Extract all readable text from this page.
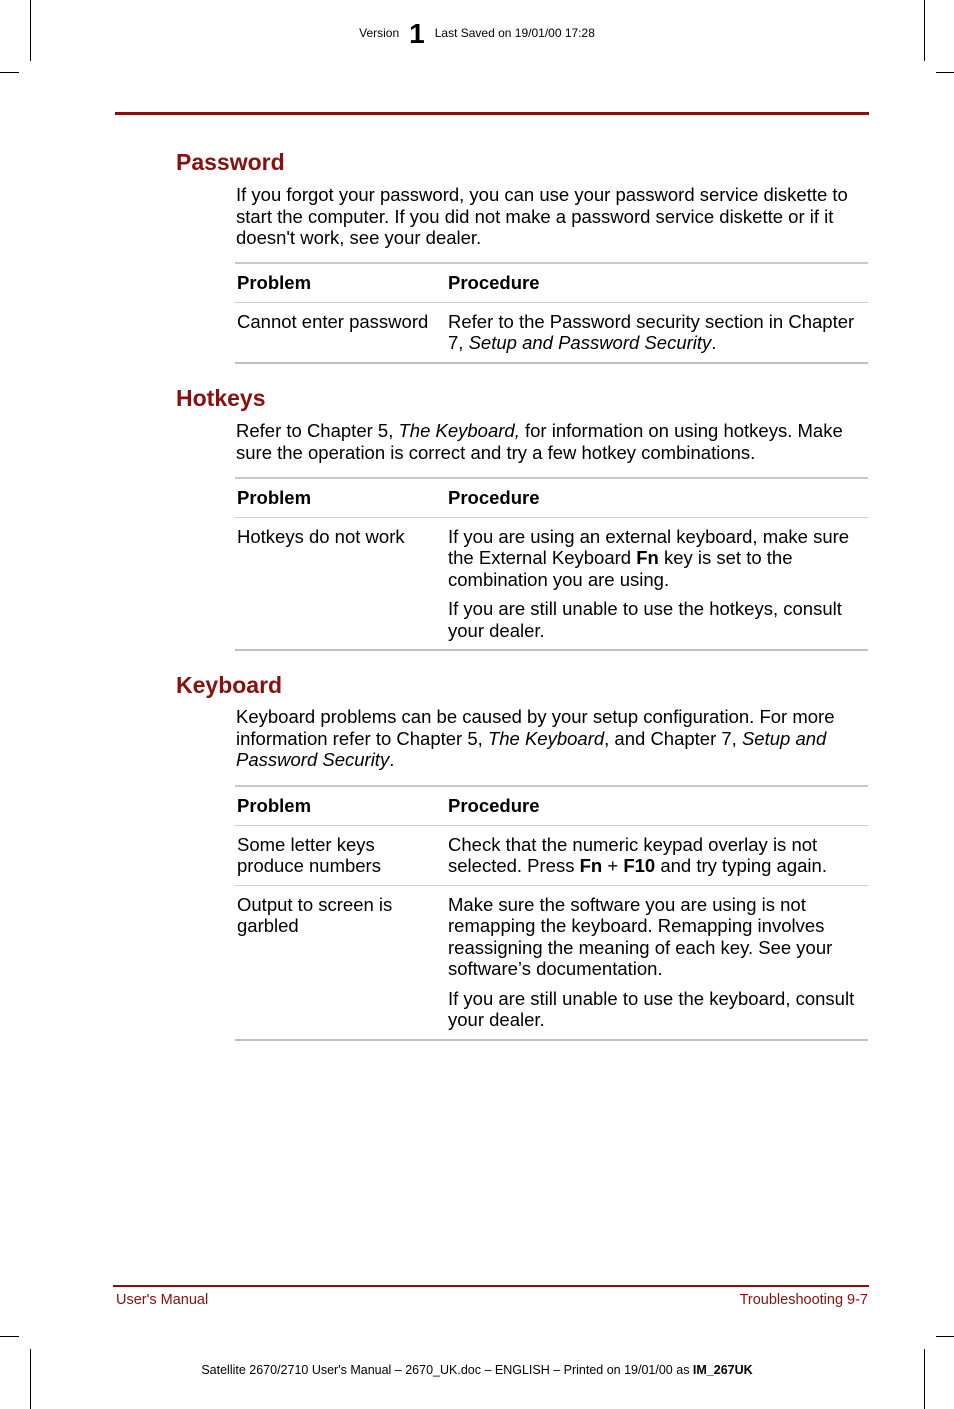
Version 1 Last Saved on 19/01/00 17:28
Password

If you forgot your password, you can use your password service diskette to start the computer. If you did not make a password service diskette or if it doesn't work, see your dealer.

Problem	Procedure
Cannot enter password	Refer to the Password security section in Chapter 7, Setup and Password Security.
Hotkeys

Refer to Chapter 5, The Keyboard, for information on using hotkeys. Make sure the operation is correct and try a few hotkey combinations.

Problem	Procedure
Hotkeys do not work	If you are using an external keyboard, make sure the External Keyboard Fn key is set to the combination you are using.
If you are still unable to use the hotkeys, consult your dealer.
Keyboard

Keyboard problems can be caused by your setup configuration. For more information refer to Chapter 5, The Keyboard, and Chapter 7, Setup and Password Security.

Problem	Procedure
Some letter keys produce numbers	Check that the numeric keypad overlay is not selected. Press Fn + F10 and try typing again.
Output to screen is garbled	Make sure the software you are using is not remapping the keyboard. Remapping involves reassigning the meaning of each key. See your software’s documentation.
If you are still unable to use the keyboard, consult your dealer.
User's Manual	Troubleshooting 9-7
Satellite 2670/2710 User's Manual – 2670_UK.doc – ENGLISH – Printed on 19/01/00 as IM_267UK
